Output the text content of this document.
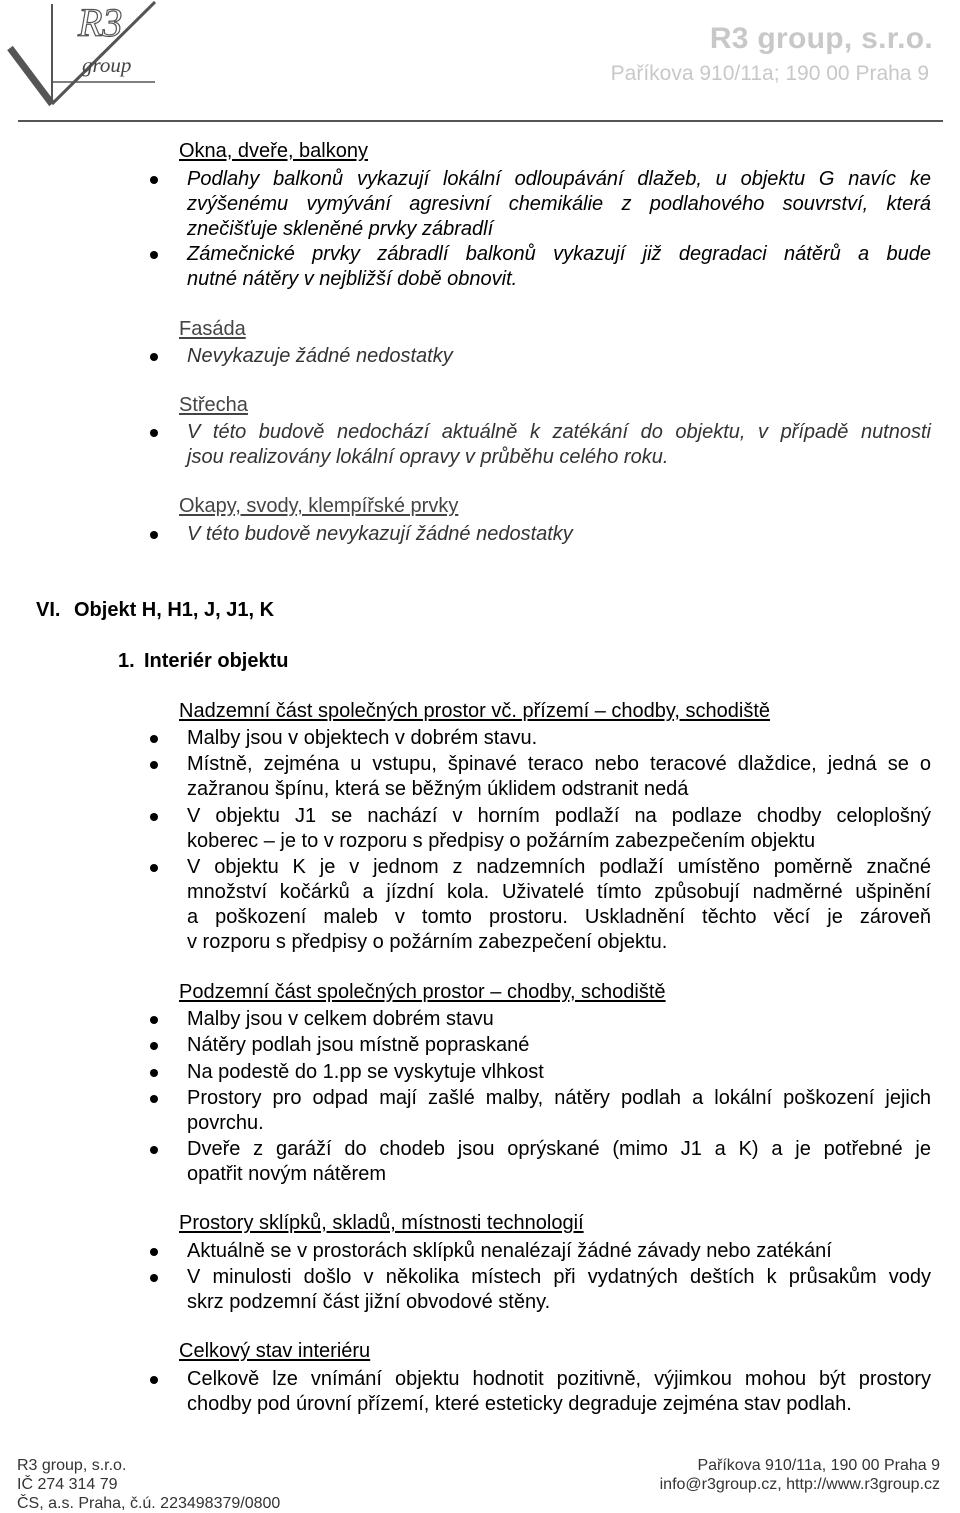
R3
group
R3 group, s.r.o.
Paříkova 910/11a; 190 00 Praha 9
Okna, dveře, balkony
Podlahy balkonů vykazují lokální odloupávání dlažeb, u objektu G navíc ke
zvýšenému vymývání agresivní chemikálie z podlahového souvrství, která
znečišťuje skleněné prvky zábradlí
Zámečnické prvky zábradlí balkonů vykazují již degradaci nátěrů a bude
nutné nátěry v nejbližší době obnovit.
Fasáda
Nevykazuje žádné nedostatky
Střecha
V této budově nedochází aktuálně k zatékání do objektu, v případě nutnosti
jsou realizovány lokální opravy v průběhu celého roku.
Okapy, svody, klempířské prvky
V této budově nevykazují žádné nedostatky
VI. Objekt H, H1, J, J1, K
1. Interiér objektu
Nadzemní část společných prostor vč. přízemí – chodby, schodiště
Malby jsou v objektech v dobrém stavu.
Místně, zejména u vstupu, špinavé teraco nebo teracové dlaždice, jedná se o
zažranou špínu, která se běžným úklidem odstranit nedá
V objektu J1 se nachází v horním podlaží na podlaze chodby celoplošný
koberec – je to v rozporu s předpisy o požárním zabezpečením objektu
V objektu K je v jednom z nadzemních podlaží umístěno poměrně značné
množství kočárků a jízdní kola. Uživatelé tímto způsobují nadměrné ušpinění
a poškození maleb v tomto prostoru. Uskladnění těchto věcí je zároveň
v rozporu s předpisy o požárním zabezpečení objektu.
Podzemní část společných prostor – chodby, schodiště
Malby jsou v celkem dobrém stavu
Nátěry podlah jsou místně popraskané
Na podestě do 1.pp se vyskytuje vlhkost
Prostory pro odpad mají zašlé malby, nátěry podlah a lokální poškození jejich
povrchu.
Dveře z garáží do chodeb jsou oprýskané (mimo J1 a K) a je potřebné je
opatřit novým nátěrem
Prostory sklípků, skladů, místnosti technologií
Aktuálně se v prostorách sklípků nenalézají žádné závady nebo zatékání
V minulosti došlo v několika místech při vydatných deštích k průsakům vody
skrz podzemní část jižní obvodové stěny.
Celkový stav interiéru
Celkově lze vnímání objektu hodnotit pozitivně, výjimkou mohou být prostory
chodby pod úrovní přízemí, které esteticky degraduje zejména stav podlah.
R3 group, s.r.o.
IČ 274 314 79
ČS, a.s. Praha, č.ú. 223498379/0800
Paříkova 910/11a, 190 00 Praha 9
info@r3group.cz, http://www.r3group.cz
